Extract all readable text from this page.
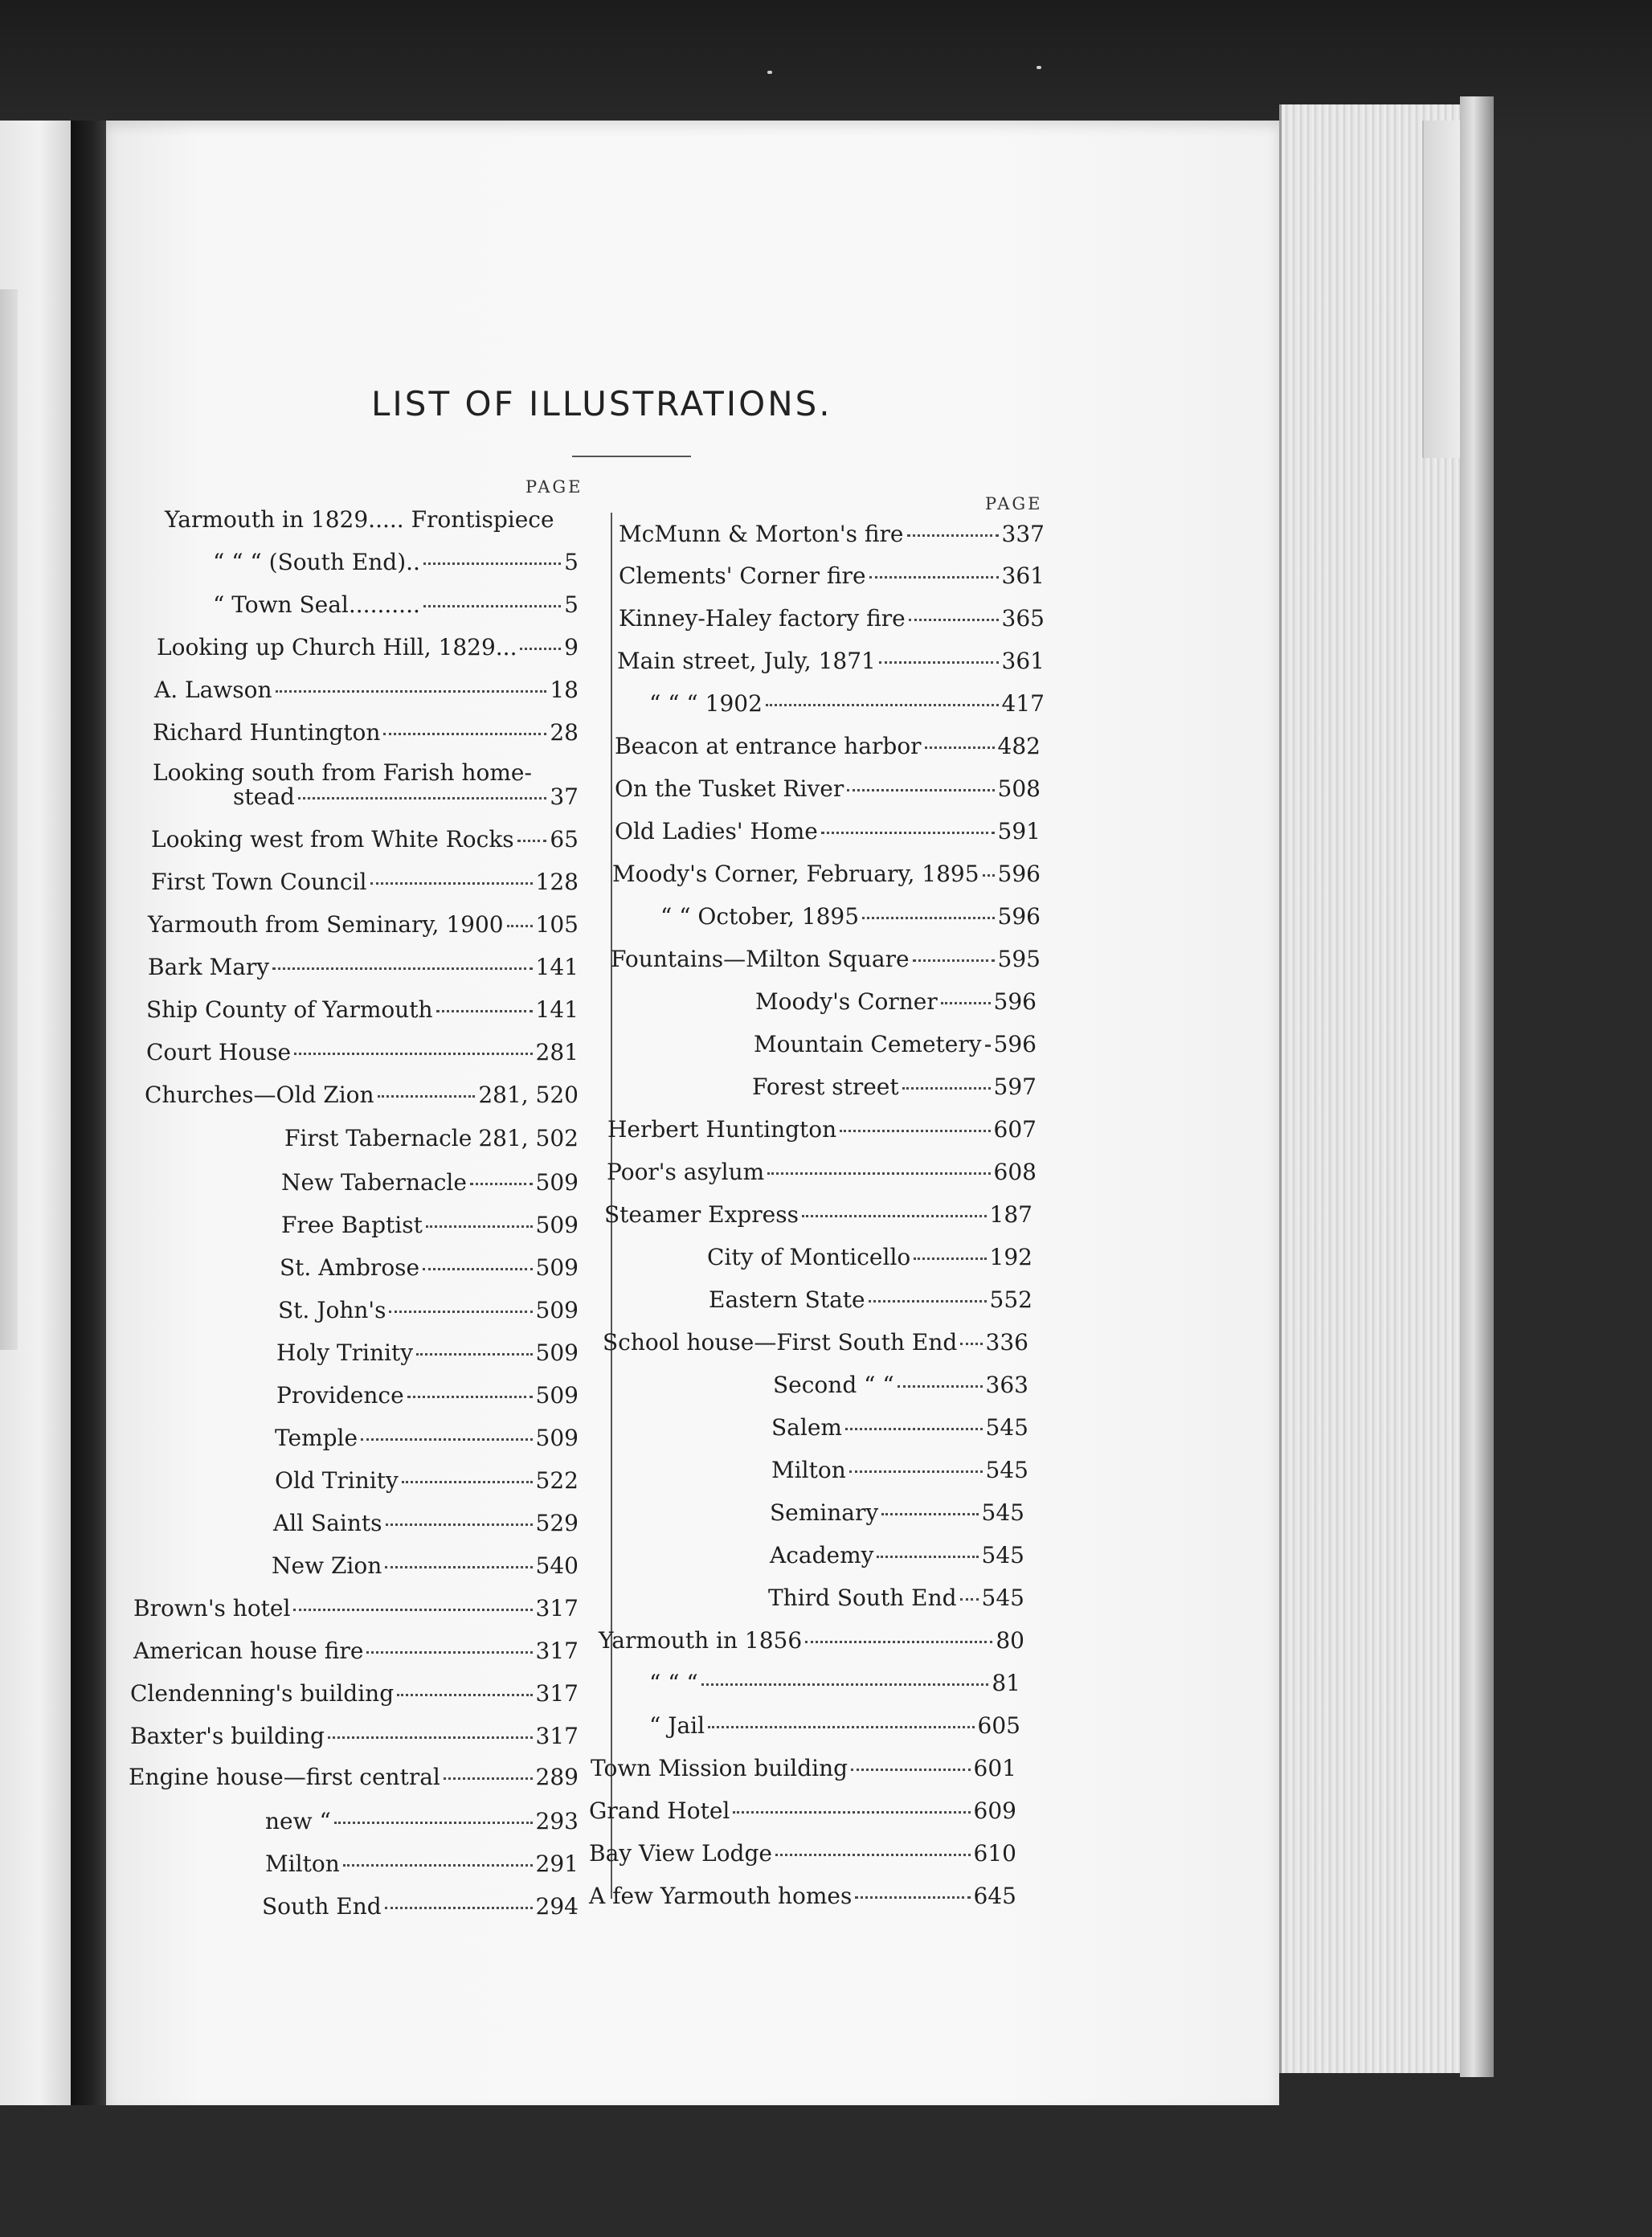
LIST OF ILLUSTRATIONS.
PAGE
PAGE
Yarmouth in 1829..... Frontispiece
“ “ “ (South End)..	5
“ Town Seal..........	5
Looking up Church Hill, 1829... 9
A. Lawson	18
Richard Huntington	28
Looking south from Farish home-
stead	37
Looking west from White Rocks 65
First Town Council	128
Yarmouth from Seminary, 1900 105
Bark Mary	141
Ship County of Yarmouth	141
Court House	281
Churches—Old Zion	281, 520
First Tabernacle 281, 502
New Tabernacle	509
Free Baptist	509
St. Ambrose	509
St. John's	509
Holy Trinity	509
Providence	509
Temple	509
Old Trinity	522
All Saints	529
New Zion	540
Brown's hotel	317
American house fire	317
Clendenning's building	317
Baxter's building	317
Engine house—first central	289
new “	293
Milton	291
South End	294
McMunn & Morton's fire	337
Clements' Corner fire	361
Kinney-Haley factory fire	365
Main street, July, 1871	361
“ “ “ 1902	417
Beacon at entrance harbor	482
On the Tusket River	508
Old Ladies' Home	591
Moody's Corner, February, 1895 596
“ “ October, 1895	596
Fountains—Milton Square	595
Moody's Corner 596
Mountain Cemetery 596
Forest street	597
Herbert Huntington	607
Poor's asylum	608
Steamer Express	187
City of Monticello	192
Eastern State	552
School house—First South End 336
Second “ “	363
Salem	545
Milton	545
Seminary	545
Academy	545
Third South End 545
Yarmouth in 1856	80
“ “ “	81
“ Jail	605
Town Mission building	601
Grand Hotel	609
Bay View Lodge	610
A few Yarmouth homes	645
